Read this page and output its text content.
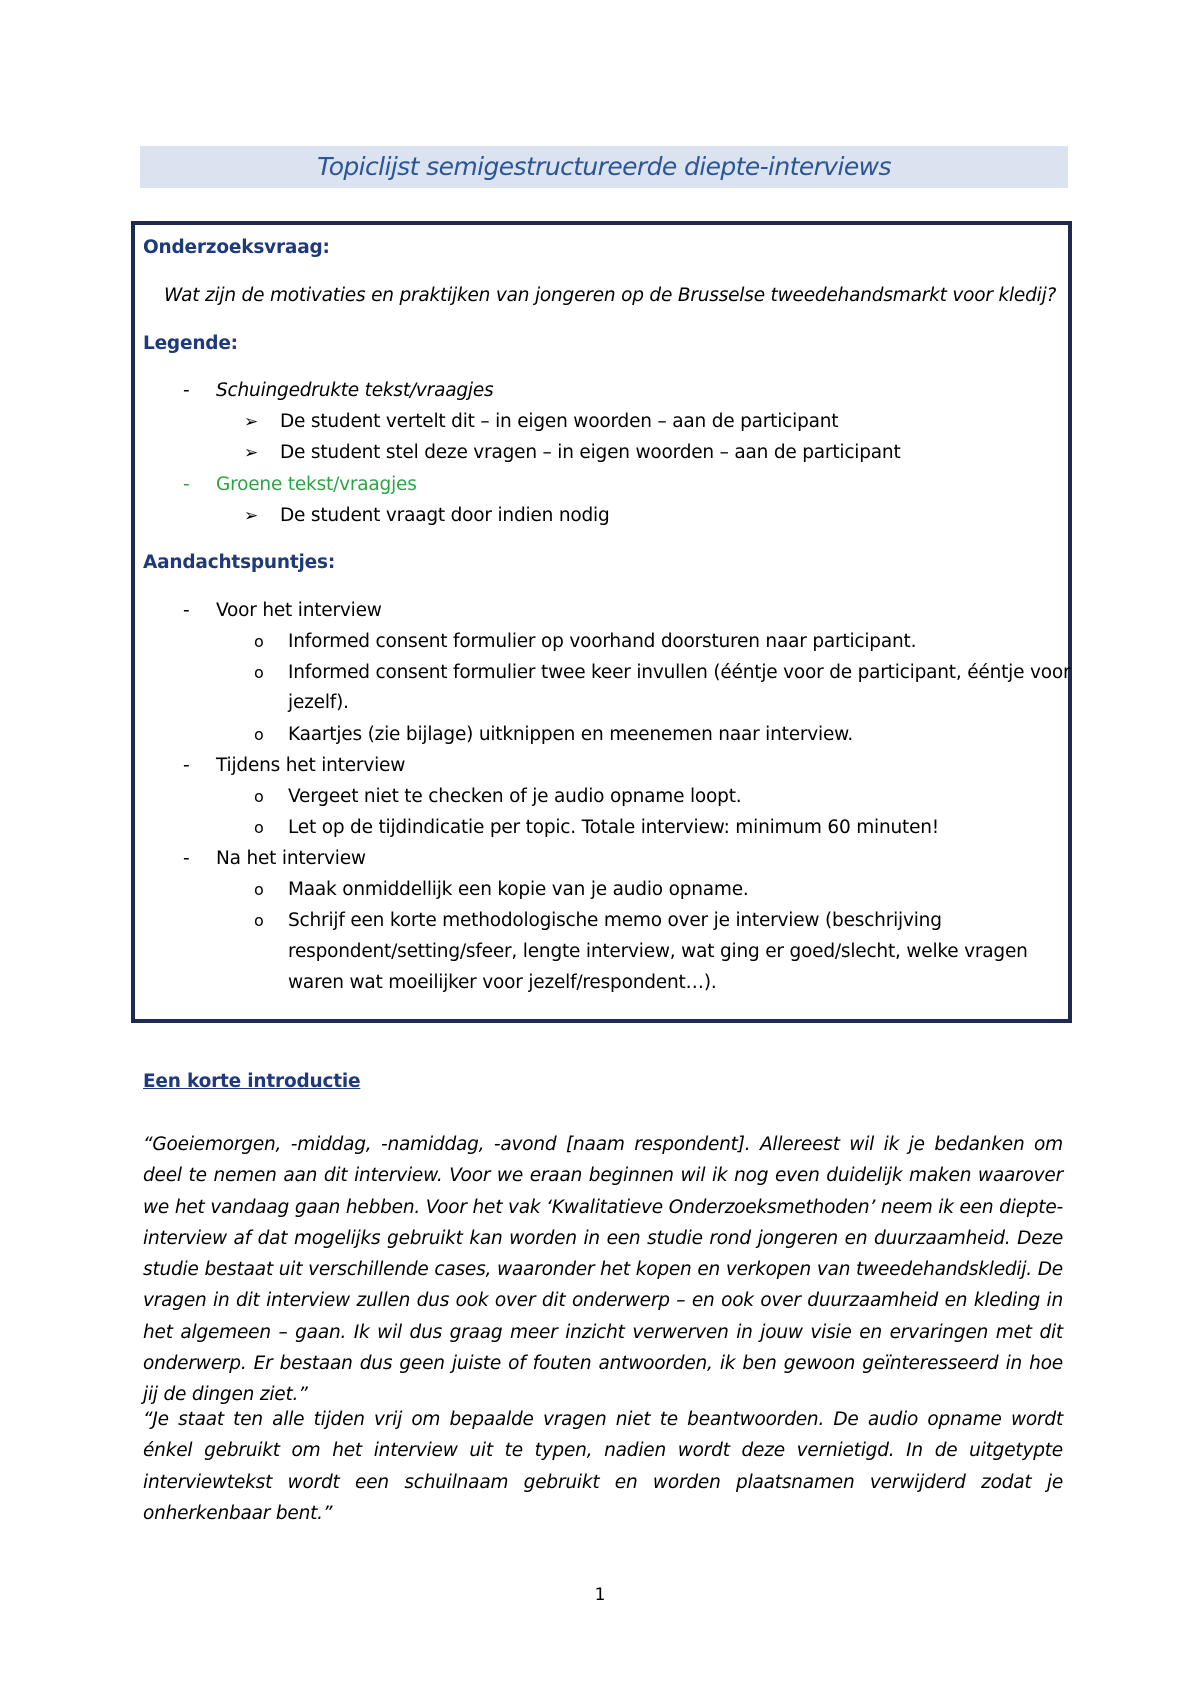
Topiclijst semigestructureerde diepte-interviews
Onderzoeksvraag:
Wat zijn de motivaties en praktijken van jongeren op de Brusselse tweedehandsmarkt voor kledij?
Legende:
- Schuingedrukte tekst/vraagjes
➢ De student vertelt dit – in eigen woorden – aan de participant
➢ De student stel deze vragen – in eigen woorden – aan de participant
- Groene tekst/vraagjes
➢ De student vraagt door indien nodig
Aandachtspuntjes:
- Voor het interview
o Informed consent formulier op voorhand doorsturen naar participant.
o Informed consent formulier twee keer invullen (ééntje voor de participant, ééntje voor
jezelf).
o Kaartjes (zie bijlage) uitknippen en meenemen naar interview.
- Tijdens het interview
o Vergeet niet te checken of je audio opname loopt.
o Let op de tijdindicatie per topic. Totale interview: minimum 60 minuten!
- Na het interview
o Maak onmiddellijk een kopie van je audio opname.
o Schrijf een korte methodologische memo over je interview (beschrijving
respondent/setting/sfeer, lengte interview, wat ging er goed/slecht, welke vragen
waren wat moeilijker voor jezelf/respondent…).
Een korte introductie
“Goeiemorgen, -middag, -namiddag, -avond [naam respondent]. Allereest wil ik je bedanken om deel te nemen aan dit interview. Voor we eraan beginnen wil ik nog even duidelijk maken waarover we het vandaag gaan hebben. Voor het vak ‘Kwalitatieve Onderzoeksmethoden’ neem ik een diepte-interview af dat mogelijks gebruikt kan worden in een studie rond jongeren en duurzaamheid. Deze studie bestaat uit verschillende cases, waaronder het kopen en verkopen van tweedehandskledij. De vragen in dit interview zullen dus ook over dit onderwerp – en ook over duurzaamheid en kleding in het algemeen – gaan. Ik wil dus graag meer inzicht verwerven in jouw visie en ervaringen met dit onderwerp. Er bestaan dus geen juiste of fouten antwoorden, ik ben gewoon geïnteresseerd in hoe jij de dingen ziet.”
“Je staat ten alle tijden vrij om bepaalde vragen niet te beantwoorden. De audio opname wordt énkel gebruikt om het interview uit te typen, nadien wordt deze vernietigd. In de uitgetypte interviewtekst wordt een schuilnaam gebruikt en worden plaatsnamen verwijderd zodat je onherkenbaar bent.”
1
